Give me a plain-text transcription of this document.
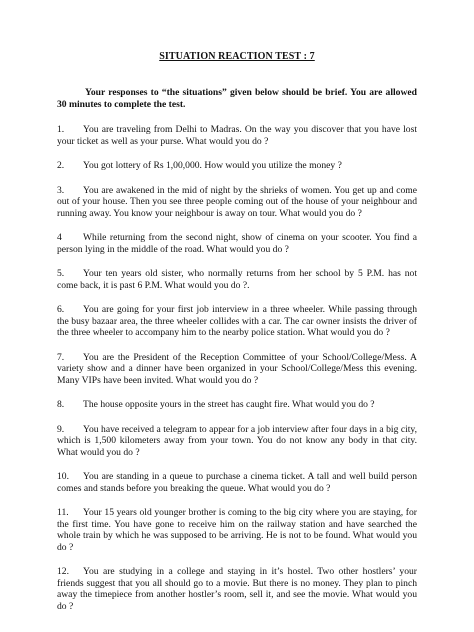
SITUATION REACTION TEST : 7
Your responses to “the situations” given below should be brief. You are allowed 30 minutes to complete the test.
1. You are traveling from Delhi to Madras. On the way you discover that you have lost your ticket as well as your purse. What would you do ?
2. You got lottery of Rs 1,00,000. How would you utilize the money ?
3. You are awakened in the mid of night by the shrieks of women. You get up and come out of your house. Then you see three people coming out of the house of your neighbour and running away. You know your neighbour is away on tour. What would you do ?
4 While returning from the second night, show of cinema on your scooter. You find a person lying in the middle of the road. What would you do ?
5. Your ten years old sister, who normally returns from her school by 5 P.M. has not come back, it is past 6 P.M. What would you do ?.
6. You are going for your first job interview in a three wheeler. While passing through the busy bazaar area, the three wheeler collides with a car. The car owner insists the driver of the three wheeler to accompany him to the nearby police station. What would you do ?
7. You are the President of the Reception Committee of your School/College/Mess. A variety show and a dinner have been organized in your School/College/Mess this evening. Many VIPs have been invited. What would you do ?
8. The house opposite yours in the street has caught fire. What would you do ?
9. You have received a telegram to appear for a job interview after four days in a big city, which is 1,500 kilometers away from your town. You do not know any body in that city. What would you do ?
10. You are standing in a queue to purchase a cinema ticket. A tall and well build person comes and stands before you breaking the queue. What would you do ?
11. Your 15 years old younger brother is coming to the big city where you are staying, for the first time. You have gone to receive him on the railway station and have searched the whole train by which he was supposed to be arriving. He is not to be found. What would you do ?
12. You are studying in a college and staying in it’s hostel. Two other hostlers’ your friends suggest that you all should go to a movie. But there is no money. They plan to pinch away the timepiece from another hostler’s room, sell it, and see the movie. What would you do ?
